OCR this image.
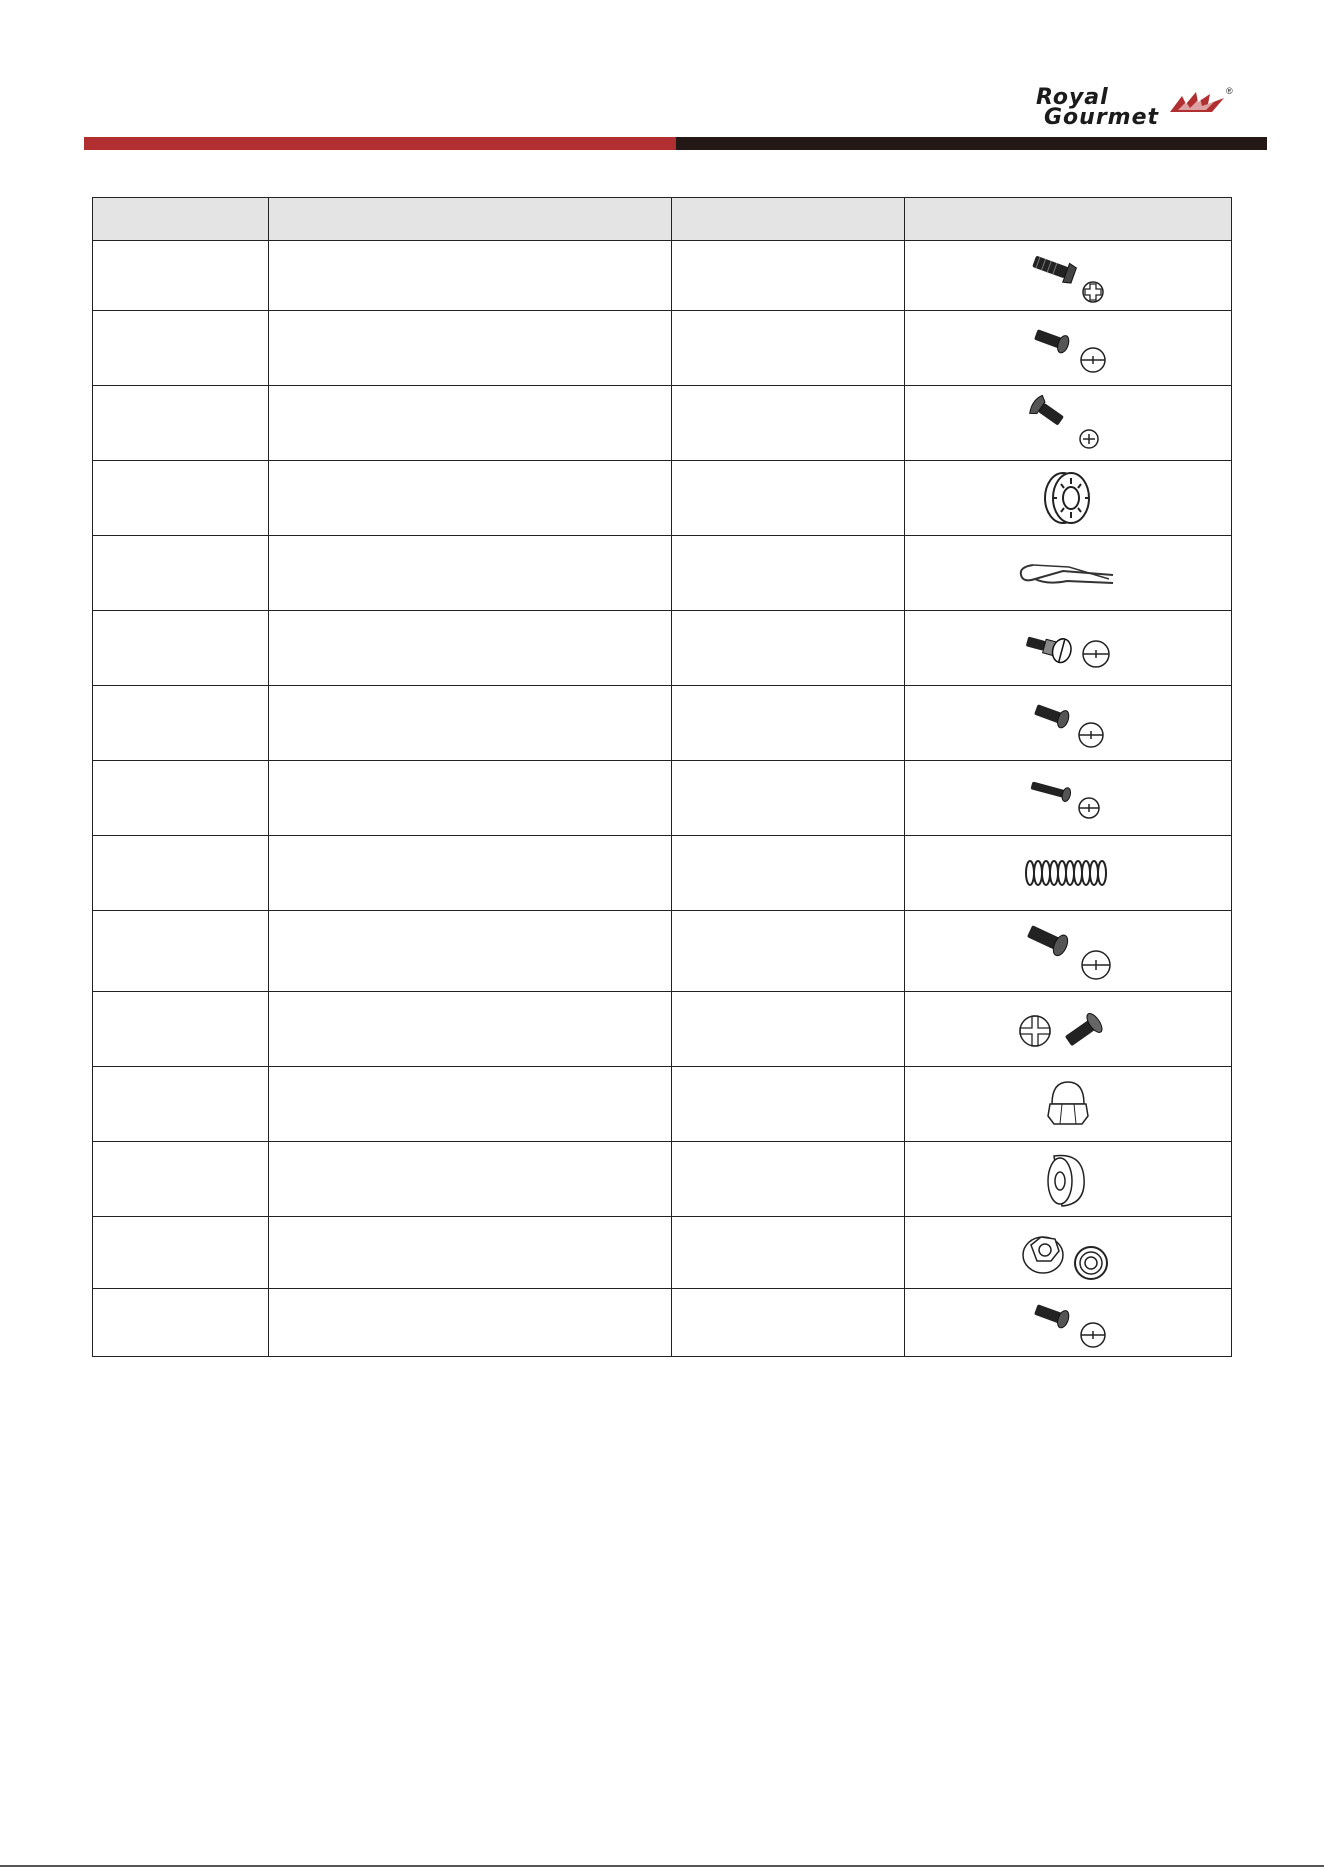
Royal
Gourmet
®
